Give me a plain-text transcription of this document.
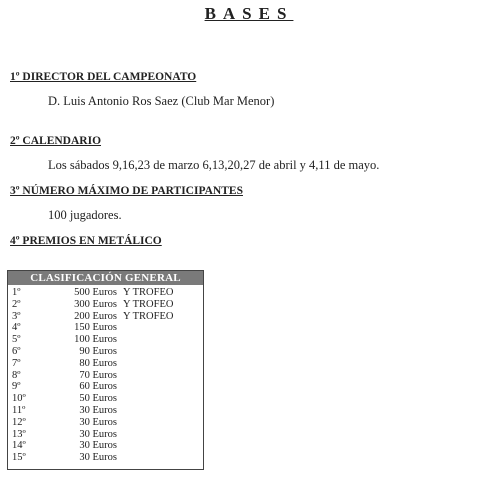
BASES
1º DIRECTOR DEL CAMPEONATO
D. Luis Antonio Ros Saez (Club Mar Menor)
2º CALENDARIO
Los sábados 9,16,23 de marzo 6,13,20,27 de abril y 4,11 de mayo.
3º NÚMERO MÁXIMO DE PARTICIPANTES
100 jugadores.
4º PREMIOS EN METÁLICO
CLASIFICACIÓN GENERAL
1º	500 Euros Y TROFEO
2º	300 Euros Y TROFEO
3º	200 Euros Y TROFEO
4º	150 Euros
5º	100 Euros
6º	90 Euros
7º	80 Euros
8º	70 Euros
9º	60 Euros
10º	50 Euros
11º	30 Euros
12º	30 Euros
13º	30 Euros
14º	30 Euros
15º	30 Euros
